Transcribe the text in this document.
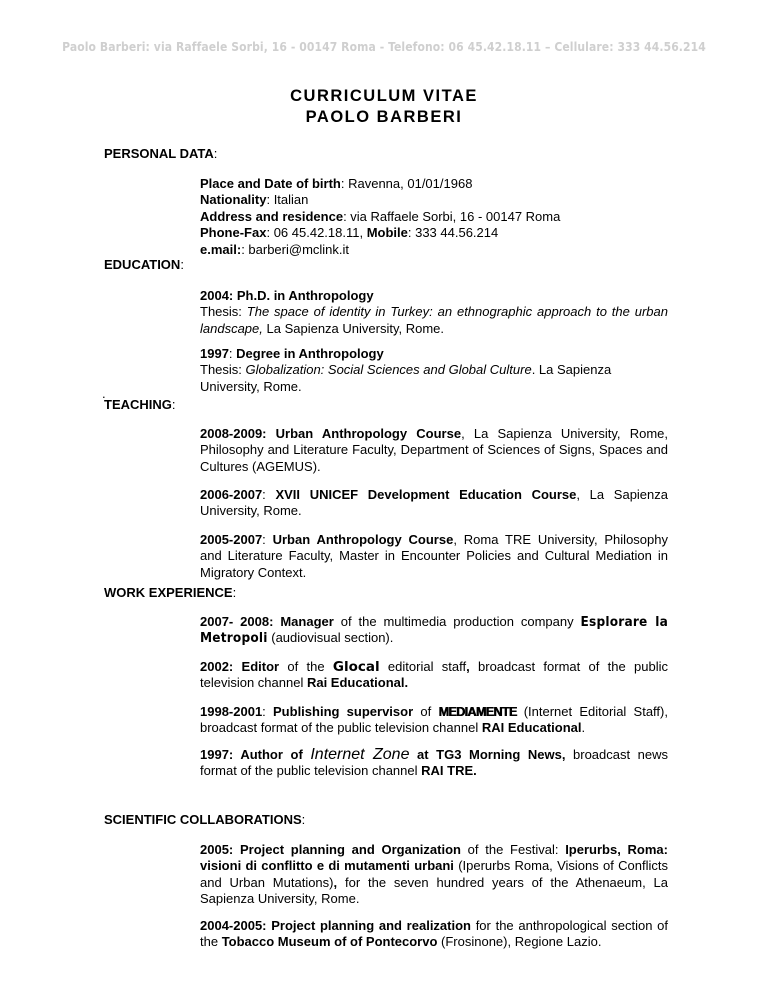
Paolo Barberi: via Raffaele Sorbi, 16 - 00147 Roma - Telefono: 06 45.42.18.11 – Cellulare: 333 44.56.214
CURRICULUM VITAE
PAOLO BARBERI
PERSONAL DATA:

Place and Date of birth: Ravenna, 01/01/1968

Nationality: Italian

Address and residence: via Raffaele Sorbi, 16 - 00147 Roma

Phone-Fax: 06 45.42.18.11, Mobile: 333 44.56.214

e.mail:: barberi@mclink.it

EDUCATION:

2004: Ph.D. in Anthropology

Thesis: The space of identity in Turkey: an ethnographic approach to the urban landscape, La Sapienza University, Rome.

1997: Degree in Anthropology

Thesis: Globalization: Social Sciences and Global Culture. La Sapienza University, Rome.

.
TEACHING:

2008-2009: Urban Anthropology Course, La Sapienza University, Rome, Philosophy and Literature Faculty, Department of Sciences of Signs, Spaces and Cultures (AGEMUS).

2006-2007: XVII UNICEF Development Education Course, La Sapienza University, Rome.

2005-2007: Urban Anthropology Course, Roma TRE University, Philosophy and Literature Faculty, Master in Encounter Policies and Cultural Mediation in Migratory Context.

WORK EXPERIENCE:

2007- 2008: Manager of the multimedia production company Esplorare la Metropoli (audiovisual section).

2002: Editor of the Glocal editorial staff, broadcast format of the public television channel Rai Educational.

1998-2001: Publishing supervisor of MEDIAMENTE (Internet Editorial Staff), broadcast format of the public television channel RAI Educational.

1997: Author of Internet Zone at TG3 Morning News, broadcast news format of the public television channel RAI TRE.

SCIENTIFIC COLLABORATIONS:

2005: Project planning and Organization of the Festival: Iperurbs, Roma: visioni di conflitto e di mutamenti urbani (Iperurbs Roma, Visions of Conflicts and Urban Mutations), for the seven hundred years of the Athenaeum, La Sapienza University, Rome.

2004-2005: Project planning and realization for the anthropological section of the Tobacco Museum of of Pontecorvo (Frosinone), Regione Lazio.
